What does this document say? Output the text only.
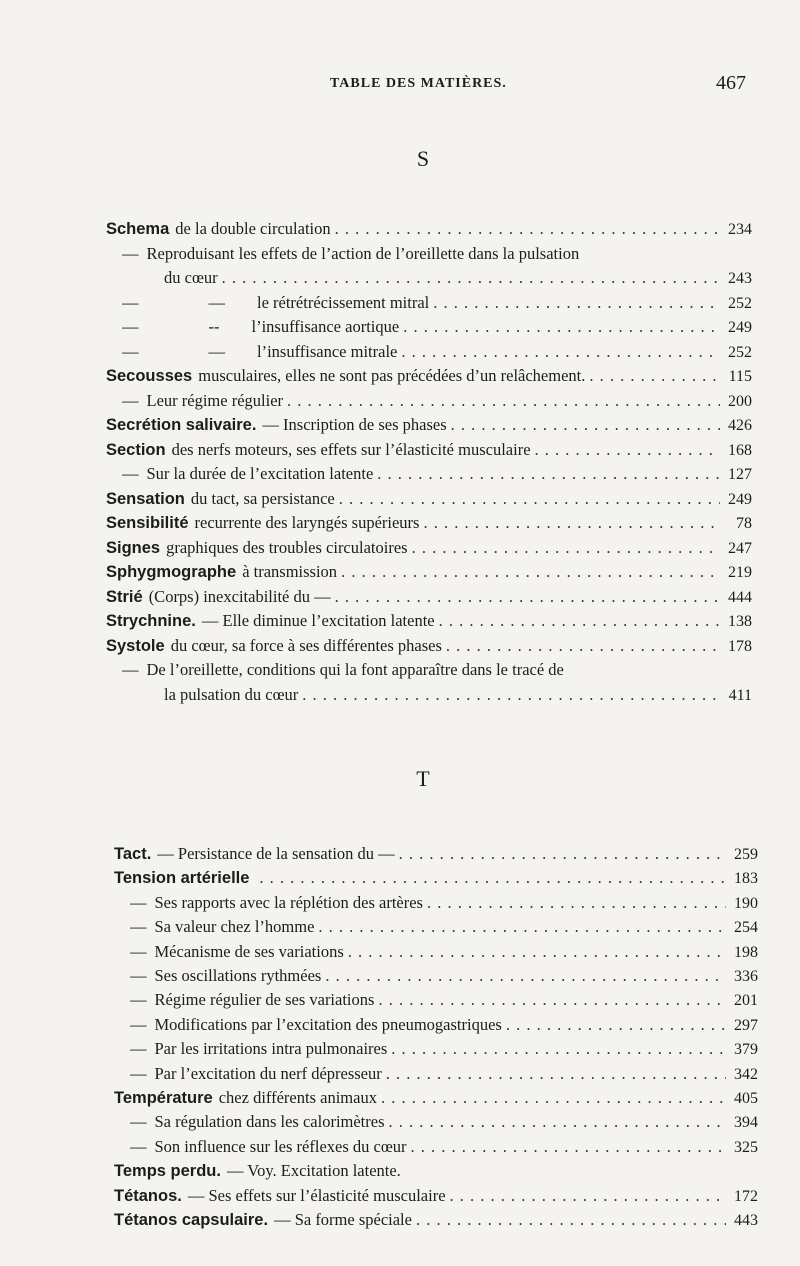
TABLE DES MATIÈRES.	467
S
Schema de la double circulation . . .	234
— Reproduisant les effets de l’action de l’oreillette dans la pulsation
du cœur . . .	243
—	— le rétrétrécissement mitral . . .	252
—	-- l’insuffisance aortique . . .	249
—	— l’insuffisance mitrale . . .	252
Secousses musculaires, elles ne sont pas précédées d’un relâchement. . . .	115
— Leur régime régulier . . .	200
Secrétion salivaire. — Inscription de ses phases . . .	426
Section des nerfs moteurs, ses effets sur l’élasticité musculaire . . .	168
— Sur la durée de l’excitation latente . . .	127
Sensation du tact, sa persistance . . .	249
Sensibilité recurrente des laryngés supérieurs . . .	78
Signes graphiques des troubles circulatoires . . .	247
Sphygmographe à transmission . . .	219
Strié (Corps) inexcitabilité du — . . .	444
Strychnine. — Elle diminue l’excitation latente . . .	138
Systole du cœur, sa force à ses différentes phases . . .	178
— De l’oreillette, conditions qui la font apparaître dans le tracé de
la pulsation du cœur . . .	411
T
Tact. — Persistance de la sensation du — . . .	259
Tension artérielle . . .	183
— Ses rapports avec la réplétion des artères . . .	190
— Sa valeur chez l’homme . . .	254
— Mécanisme de ses variations . . .	198
— Ses oscillations rythmées . . .	336
— Régime régulier de ses variations . . .	201
— Modifications par l’excitation des pneumogastriques . . .	297
— Par les irritations intra pulmonaires . . .	379
— Par l’excitation du nerf dépresseur . . .	342
Température chez différents animaux . . .	405
— Sa régulation dans les calorimètres . . .	394
— Son influence sur les réflexes du cœur . . .	325
Temps perdu. — Voy. Excitation latente.
Tétanos. — Ses effets sur l’élasticité musculaire . . .	172
Tétanos capsulaire. — Sa forme spéciale . . .	443
